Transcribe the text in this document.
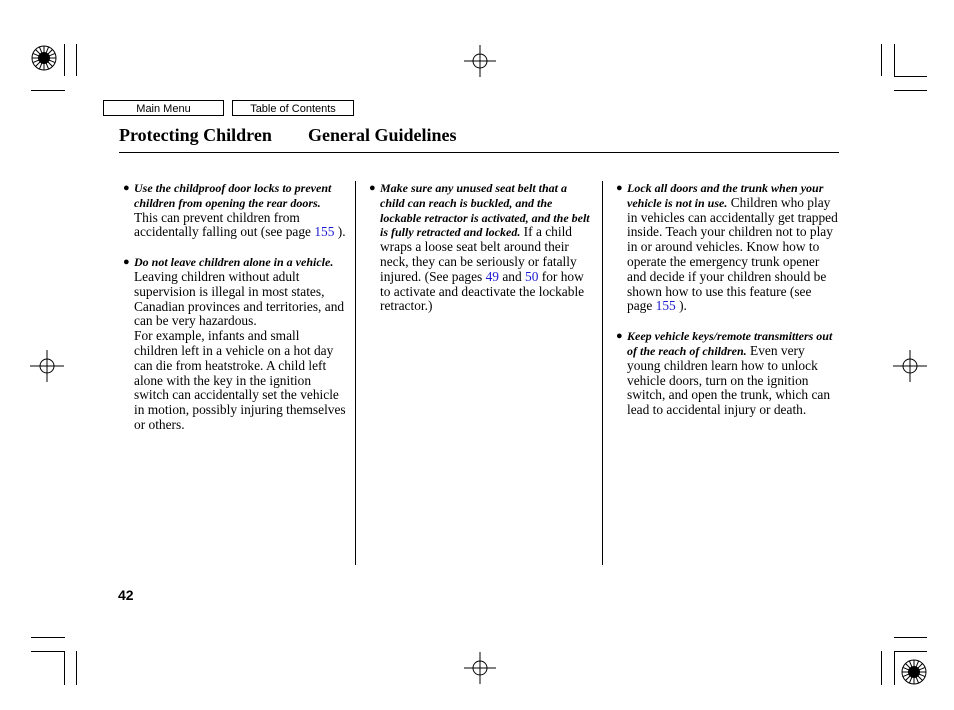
Main Menu	Table of Contents
Protecting Children General Guidelines

● Use the childproof door locks to prevent children from opening the rear doors. This can prevent children from accidentally falling out (see page 155 ).

● Do not leave children alone in a vehicle. Leaving children without adult supervision is illegal in most states, Canadian provinces and territories, and can be very hazardous.

For example, infants and small children left in a vehicle on a hot day can die from heatstroke. A child left alone with the key in the ignition switch can accidentally set the vehicle in motion, possibly injuring themselves or others.

● Make sure any unused seat belt that a child can reach is buckled, and the lockable retractor is activated, and the belt is fully retracted and locked. If a child wraps a loose seat belt around their neck, they can be seriously or fatally injured. (See pages 49 and 50 for how to activate and deactivate the lockable retractor.)

● Lock all doors and the trunk when your vehicle is not in use. Children who play in vehicles can accidentally get trapped inside. Teach your children not to play in or around vehicles. Know how to operate the emergency trunk opener and decide if your children should be shown how to use this feature (see page 155 ).

● Keep vehicle keys/remote transmitters out of the reach of children. Even very young children learn how to unlock vehicle doors, turn on the ignition switch, and open the trunk, which can lead to accidental injury or death.

42
